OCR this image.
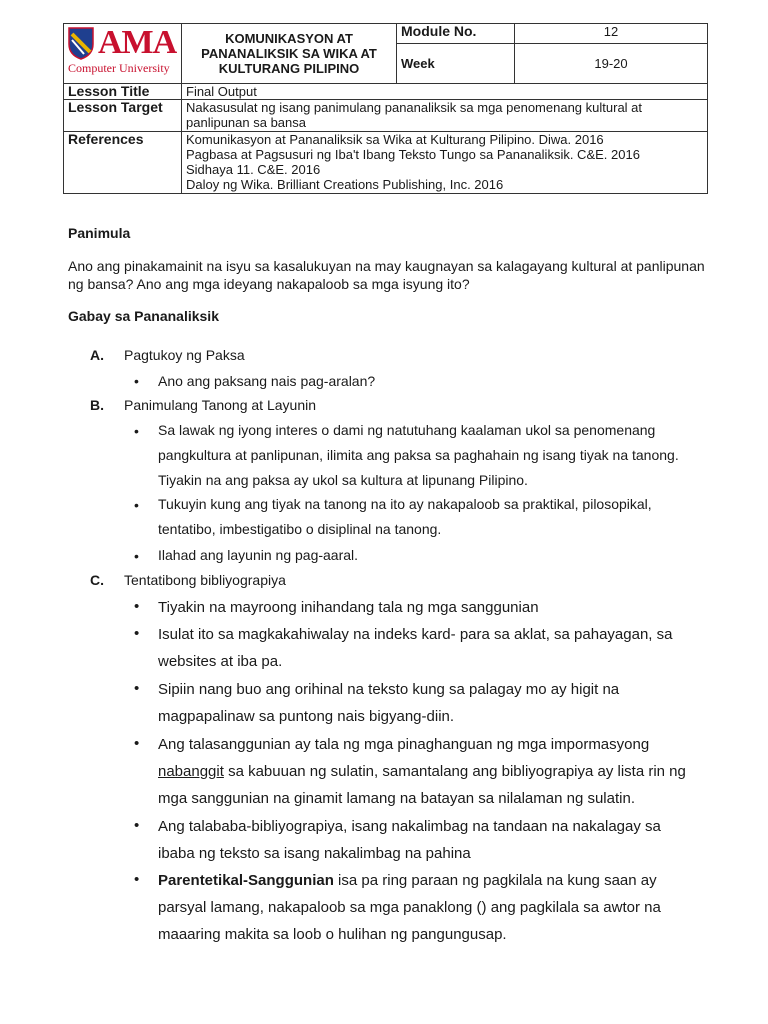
AMA
Computer University	KOMUNIKASYON AT PANANALIKSIK SA WIKA AT KULTURANG PILIPINO	Module No.	12
		Week	19-20
Lesson Title	Final Output		
Lesson Target	Nakasusulat ng isang panimulang pananaliksik sa mga penomenang kultural at panlipunan sa bansa		
References	Komunikasyon at Pananaliksik sa Wika at Kulturang Pilipino. Diwa. 2016
Pagbasa at Pagsusuri ng Iba't Ibang Teksto Tungo sa Pananaliksik. C&E. 2016
Sidhaya 11. C&E. 2016
Daloy ng Wika. Brilliant Creations Publishing, Inc. 2016		
Panimula
Ano ang pinakamainit na isyu sa kasalukuyan na may kaugnayan sa kalagayang kultural at panlipunan ng bansa? Ano ang mga ideyang nakapaloob sa mga isyung ito?
Gabay sa Pananaliksik
A. Pagtukoy ng Paksa
• Ano ang paksang nais pag-aralan?
B. Panimulang Tanong at Layunin
• Sa lawak ng iyong interes o dami ng natutuhang kaalaman ukol sa penomenang pangkultura at panlipunan, ilimita ang paksa sa paghahain ng isang tiyak na tanong. Tiyakin na ang paksa ay ukol sa kultura at lipunang Pilipino.
• Tukuyin kung ang tiyak na tanong na ito ay nakapaloob sa praktikal, pilosopikal, tentatibo, imbestigatibo o disiplinal na tanong.
• Ilahad ang layunin ng pag-aaral.
C. Tentatibong bibliyograpiya
• Tiyakin na mayroong inihandang tala ng mga sanggunian
• Isulat ito sa magkakahiwalay na indeks kard- para sa aklat, sa pahayagan, sa websites at iba pa.
• Sipiin nang buo ang orihinal na teksto kung sa palagay mo ay higit na magpapalinaw sa puntong nais bigyang-diin.
• Ang talasanggunian ay tala ng mga pinaghanguan ng mga impormasyong
nabanggit sa kabuuan ng sulatin, samantalang ang bibliyograpiya ay lista rin ng
mga sanggunian na ginamit lamang na batayan sa nilalaman ng sulatin.
• Ang talababa-bibliyograpiya, isang nakalimbag na tandaan na nakalagay sa ibaba ng teksto sa isang nakalimbag na pahina
• Parentetikal-Sanggunian isa pa ring paraan ng pagkilala na kung saan ay parsyal lamang, nakapaloob sa mga panaklong () ang pagkilala sa awtor na maaaring makita sa loob o hulihan ng pangungusap.
